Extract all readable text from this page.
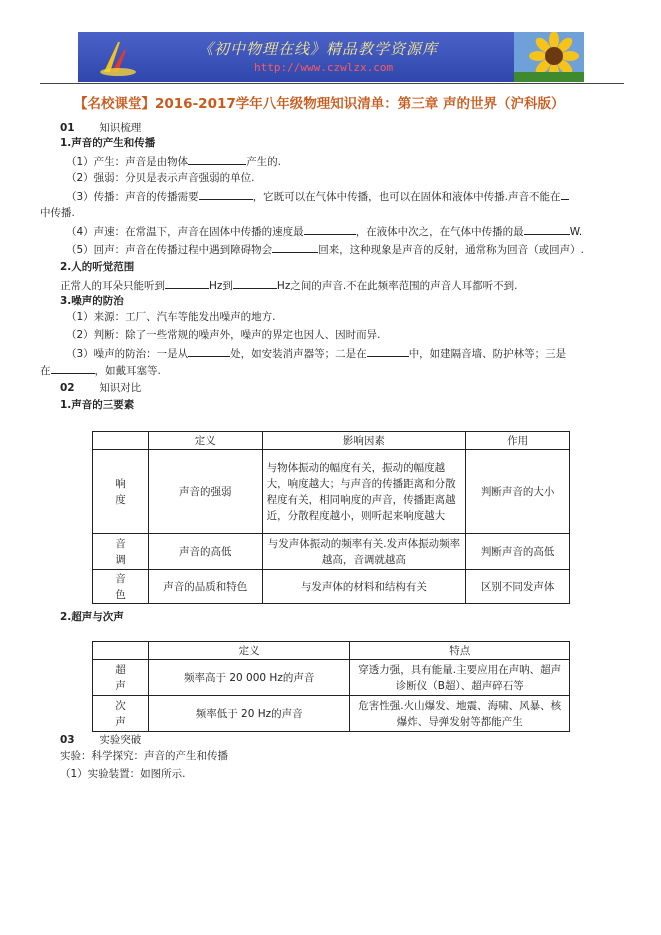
《初中物理在线》精品教学资源库
http://www.czwlzx.com
【名校课堂】2016-2017学年八年级物理知识清单：第三章 声的世界（沪科版）
01 知识梳理
1.声音的产生和传播
（1）产生：声音是由物体	产生的.
（2）强弱：分贝是表示声音强弱的单位.
（3）传播：声音的传播需要	，它既可以在气体中传播，也可以在固体和液体中传播.声音不能在
中传播.
（4）声速：在常温下，声音在固体中传播的速度最	，在液体中次之，在气体中传播的最	W.
（5）回声：声音在传播过程中遇到障碍物会	回来，这种现象是声音的反射，通常称为回音（或回声）.
2.人的听觉范围
正常人的耳朵只能听到	Hz到	Hz之间的声音.不在此频率范围的声音人耳都听不到.
3.噪声的防治
（1）来源：工厂、汽车等能发出噪声的地方.
（2）判断：除了一些常规的噪声外，噪声的界定也因人、因时而异.
（3）噪声的防治：一是从	处，如安装消声器等；二是在	中，如建隔音墙、防护林等；三是
在	，如戴耳塞等.
02 知识对比
1.声音的三要素
	定义	影响因素	作用
响
度	声音的强弱	与物体振动的幅度有关，振动的幅度越大，响度越大；与声音的传播距离和分散程度有关，相同响度的声音，传播距离越近，分散程度越小，则听起来响度越大	判断声音的大小
音
调	声音的高低	与发声体振动的频率有关.发声体振动频率越高，音调就越高	判断声音的高低
音
色	声音的品质和特色	与发声体的材料和结构有关	区别不同发声体
2.超声与次声
	定义	特点
超
声	频率高于 20 000 Hz的声音	穿透力强，具有能量.主要应用在声呐、超声诊断仪（B超）、超声碎石等
次
声	频率低于 20 Hz的声音	危害性强.火山爆发、地震、海啸、风暴、核爆炸、导弹发射等都能产生
03 实验突破
实验：科学探究：声音的产生和传播
（1）实验装置：如图所示.
